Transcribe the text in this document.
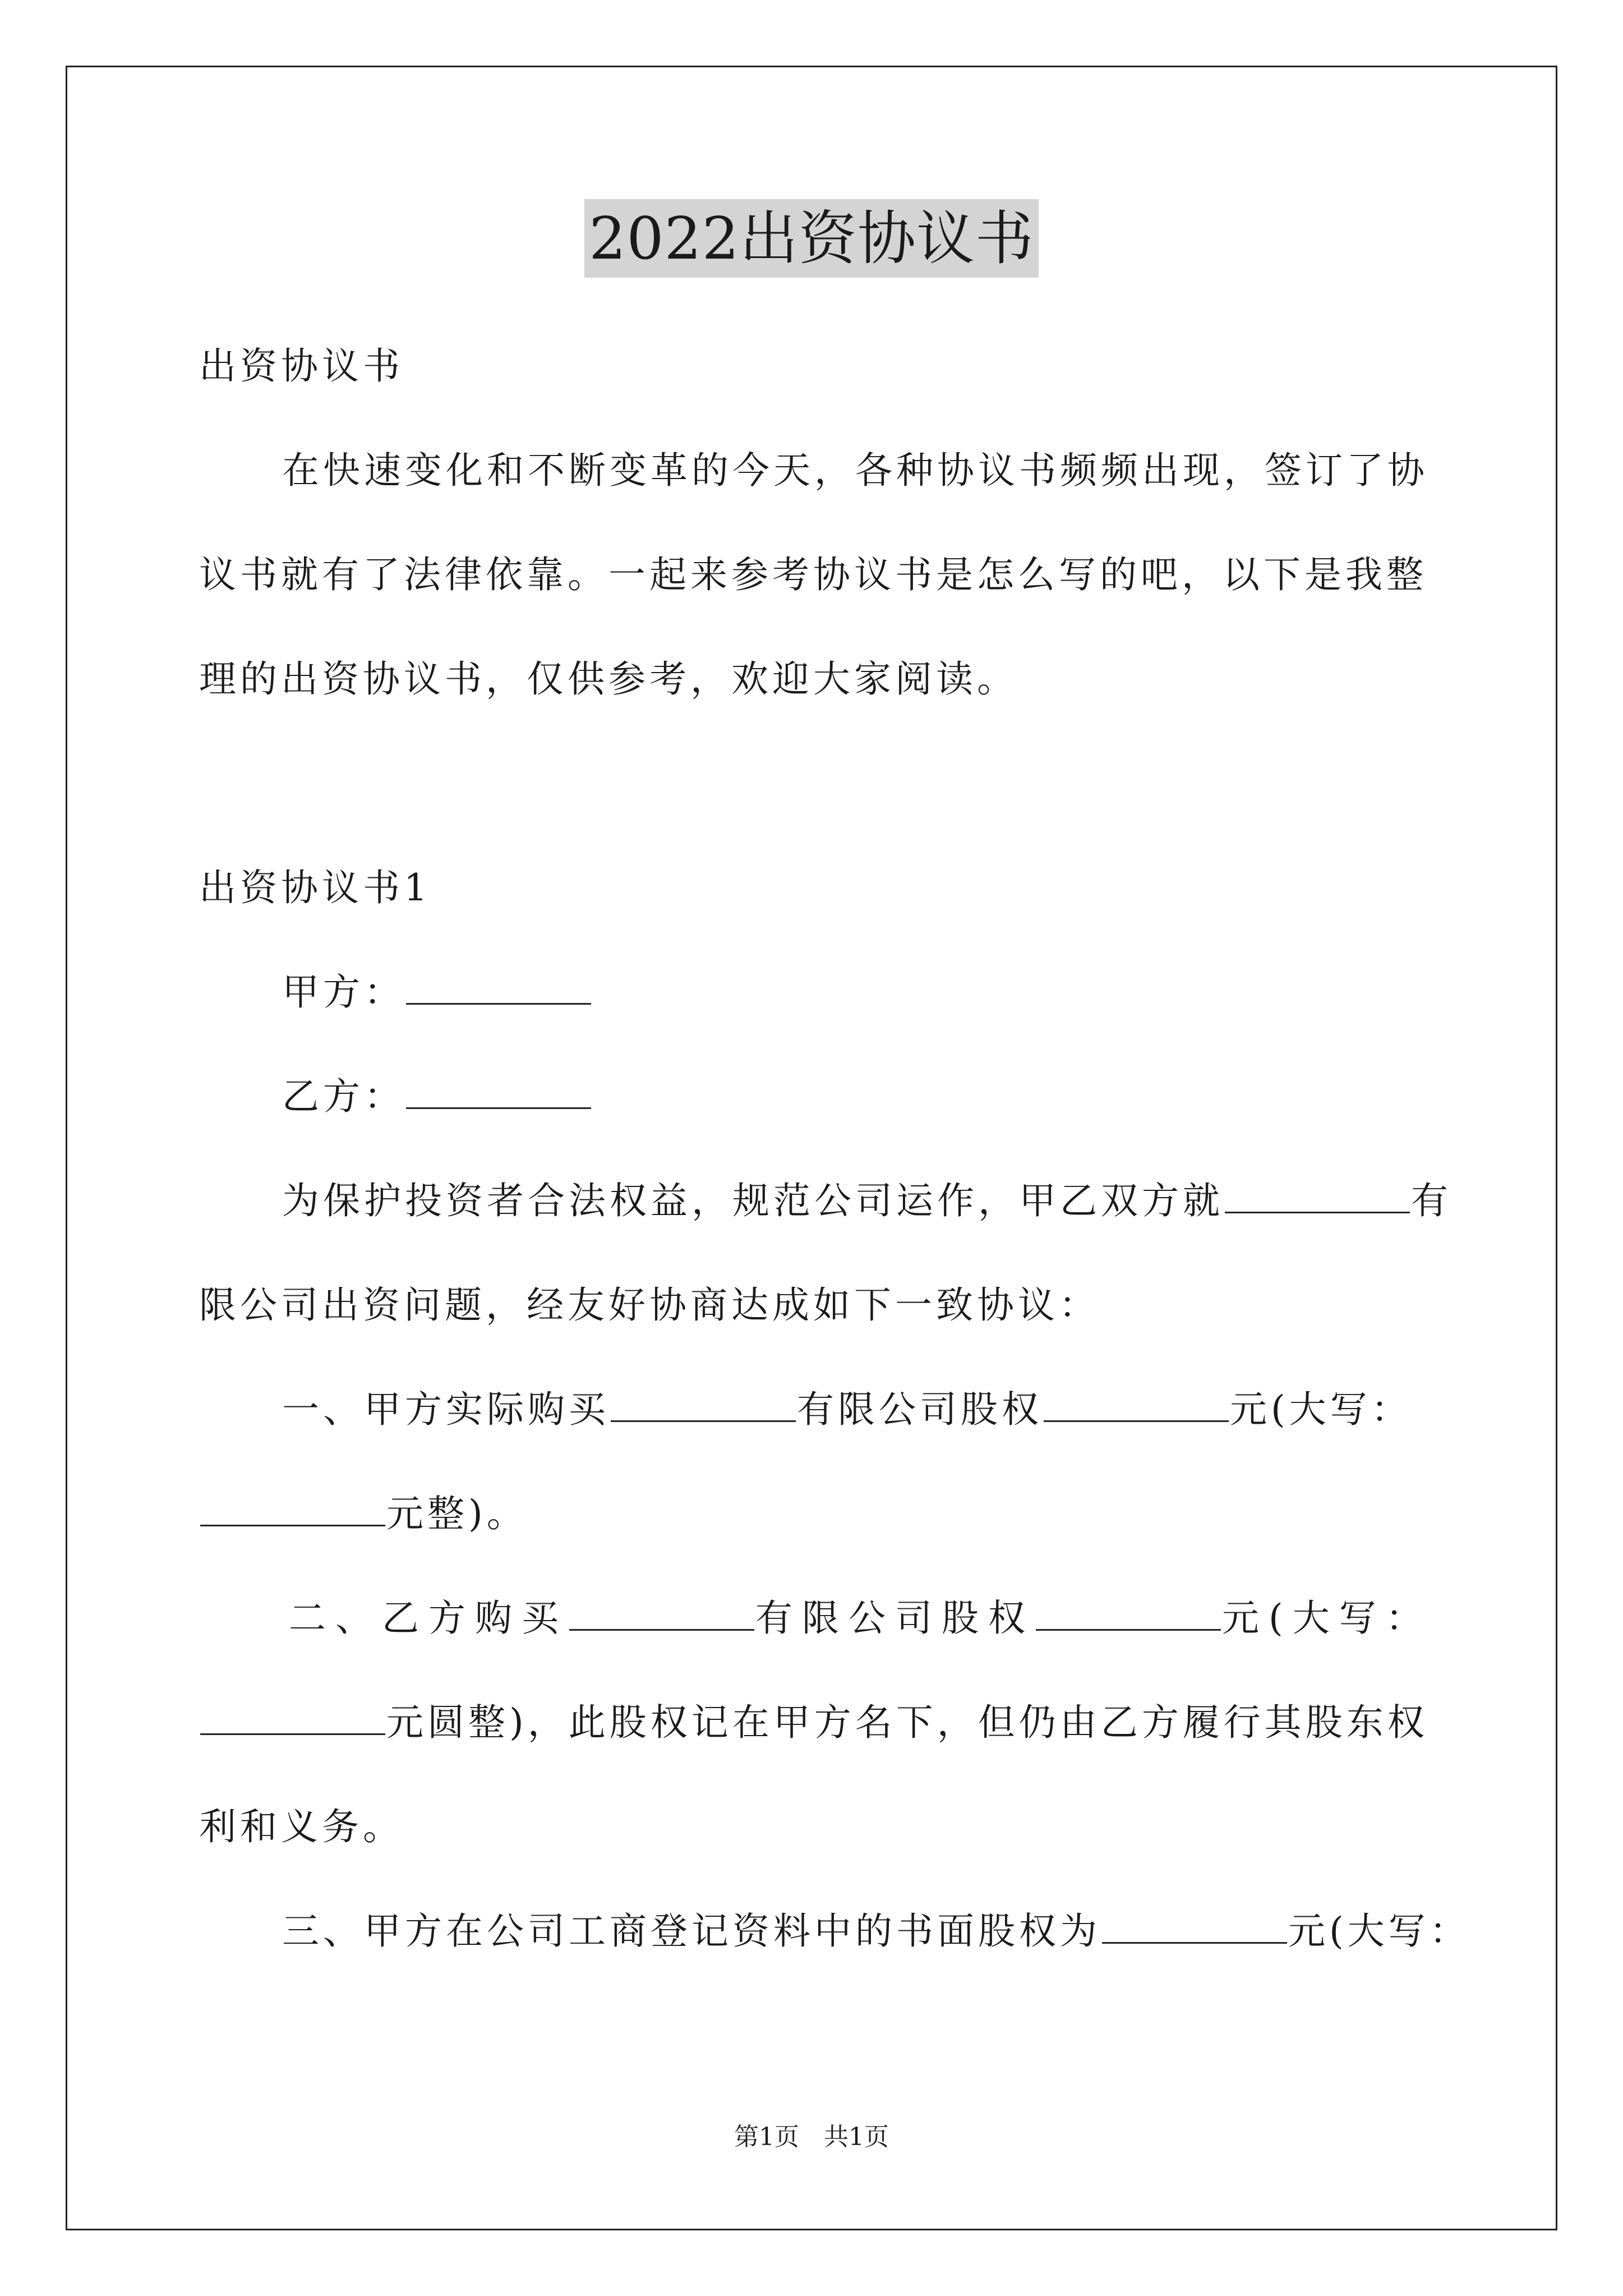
2022出资协议书
出资协议书
在快速变化和不断变革的今天，各种协议书频频出现，签订了协
议书就有了法律依靠。一起来参考协议书是怎么写的吧，以下是我整
理的出资协议书，仅供参考，欢迎大家阅读。
出资协议书1
甲方：
乙方：
为保护投资者合法权益，规范公司运作，甲乙双方就	有
限公司出资问题，经友好协商达成如下一致协议：
一、甲方实际购买	有限公司股权	元(大写：
元整)。
二、乙方购买	有限公司股权	元(大写：
元圆整)，此股权记在甲方名下，但仍由乙方履行其股东权
利和义务。
三、甲方在公司工商登记资料中的书面股权为	元(大写：
第1页　共1页
